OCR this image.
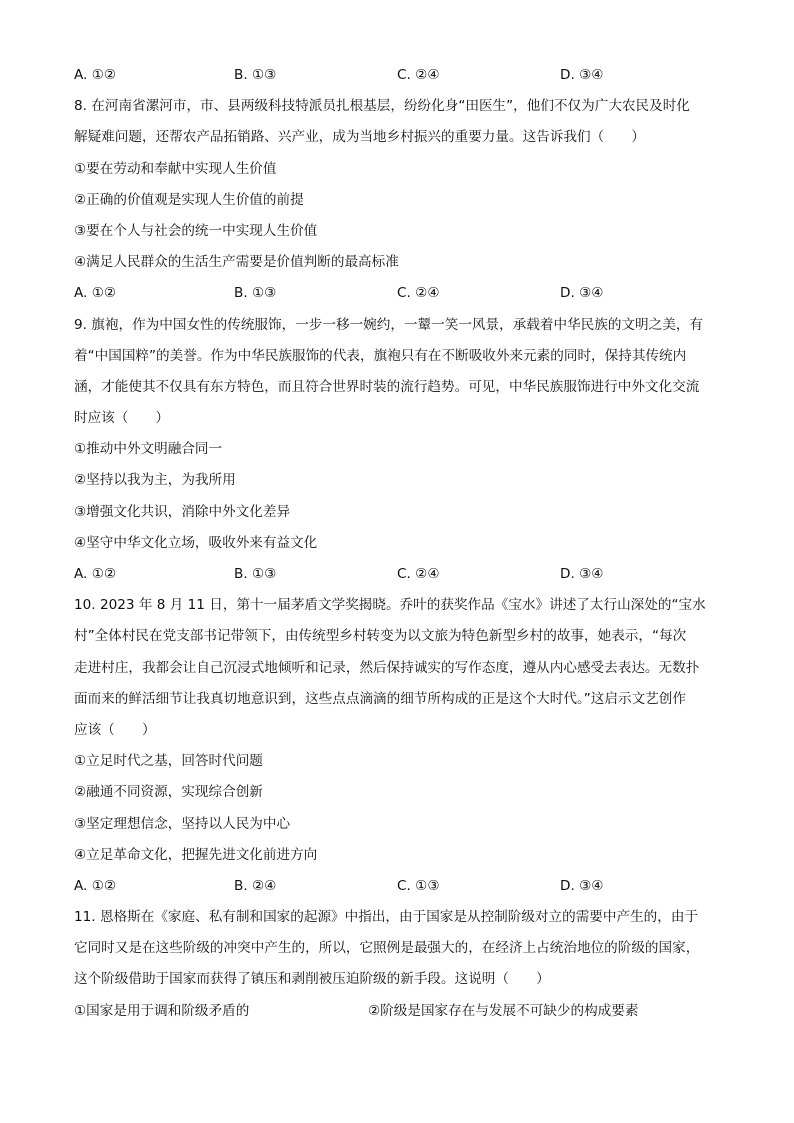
A. ①②	B. ①③	C. ②④	D. ③④
8. 在河南省漯河市，市、县两级科技特派员扎根基层，纷纷化身“田医生”，他们不仅为广大农民及时化
解疑难问题，还帮农产品拓销路、兴产业，成为当地乡村振兴的重要力量。这告诉我们（　　）
①要在劳动和奉献中实现人生价值
②正确的价值观是实现人生价值的前提
③要在个人与社会的统一中实现人生价值
④满足人民群众的生活生产需要是价值判断的最高标准
A. ①②	B. ①③	C. ②④	D. ③④
9. 旗袍，作为中国女性的传统服饰，一步一移一婉约，一颦一笑一风景，承载着中华民族的文明之美，有
着“中国国粹”的美誉。作为中华民族服饰的代表，旗袍只有在不断吸收外来元素的同时，保持其传统内
涵，才能使其不仅具有东方特色，而且符合世界时装的流行趋势。可见，中华民族服饰进行中外文化交流
时应该（　　）
①推动中外文明融合同一
②坚持以我为主，为我所用
③增强文化共识，消除中外文化差异
④坚守中华文化立场，吸收外来有益文化
A. ①②	B. ①③	C. ②④	D. ③④
10. 2023 年 8 月 11 日，第十一届茅盾文学奖揭晓。乔叶的获奖作品《宝水》讲述了太行山深处的“宝水
村”全体村民在党支部书记带领下，由传统型乡村转变为以文旅为特色新型乡村的故事，她表示，“每次
走进村庄，我都会让自己沉浸式地倾听和记录，然后保持诚实的写作态度，遵从内心感受去表达。无数扑
面而来的鲜活细节让我真切地意识到，这些点点滴滴的细节所构成的正是这个大时代。”这启示文艺创作
应该（　　）
①立足时代之基，回答时代问题
②融通不同资源，实现综合创新
③坚定理想信念，坚持以人民为中心
④立足革命文化，把握先进文化前进方向
A. ①②	B. ②④	C. ①③	D. ③④
11. 恩格斯在《家庭、私有制和国家的起源》中指出，由于国家是从控制阶级对立的需要中产生的，由于
它同时又是在这些阶级的冲突中产生的，所以，它照例是最强大的，在经济上占统治地位的阶级的国家，
这个阶级借助于国家而获得了镇压和剥削被压迫阶级的新手段。这说明（　　）
①国家是用于调和阶级矛盾的	②阶级是国家存在与发展不可缺少的构成要素
